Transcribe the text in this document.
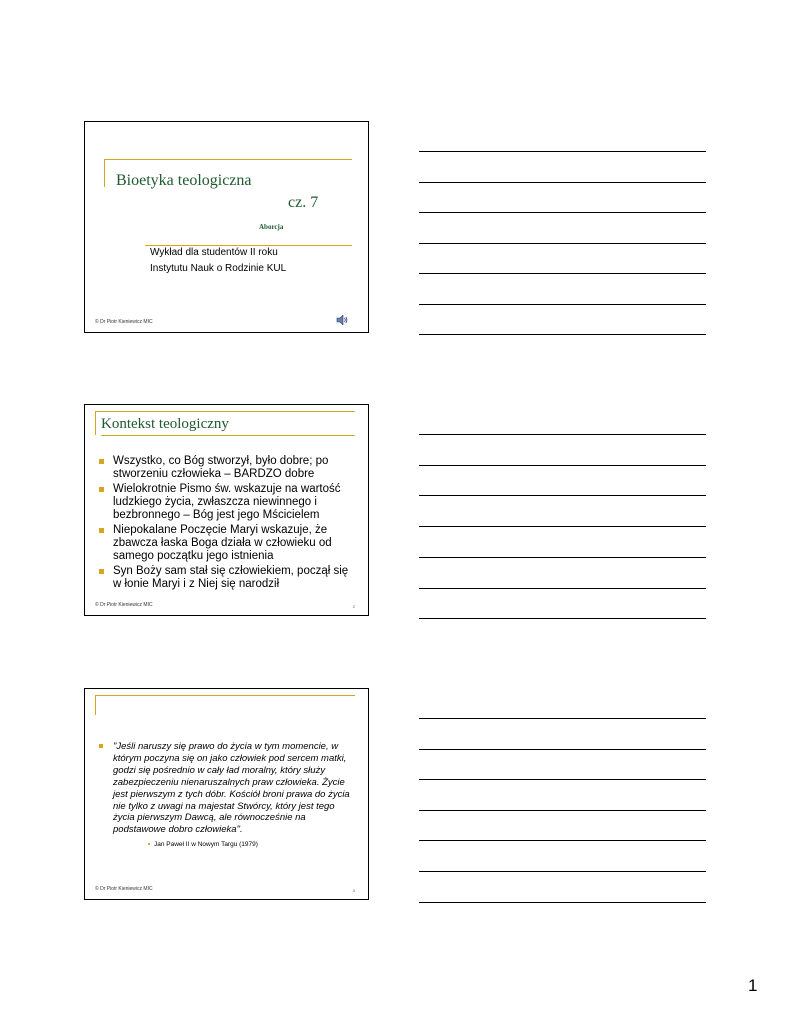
Bioetyka teologiczna
cz. 7
Aborcja
Wykład dla studentów II roku
Instytutu Nauk o Rodzinie KUL
© Dr Piotr Kieniewicz MIC
Kontekst teologiczny
Wszystko, co Bóg stworzył, było dobre; po stworzeniu człowieka – BARDZO dobre
Wielokrotnie Pismo św. wskazuje na wartość ludzkiego życia, zwłaszcza niewinnego i bezbronnego – Bóg jest jego Mścicielem
Niepokalane Poczęcie Maryi wskazuje, że zbawcza łaska Boga działa w człowieku od samego początku jego istnienia
Syn Boży sam stał się człowiekiem, począł się w łonie Maryi i z Niej się narodził
© Dr Piotr Kieniewicz MIC	2
"Jeśli naruszy się prawo do życia w tym momencie, w którym poczyna się on jako człowiek pod sercem matki, godzi się pośrednio w cały ład moralny, który służy zabezpieczeniu nienaruszalnych praw człowieka. Życie jest pierwszym z tych dóbr. Kościół broni prawa do życia nie tylko z uwagi na majestat Stwórcy, który jest tego życia pierwszym Dawcą, ale równocześnie na podstawowe dobro człowieka".
Jan Paweł II w Nowym Targu (1979)
© Dr Piotr Kieniewicz MIC	3
1
